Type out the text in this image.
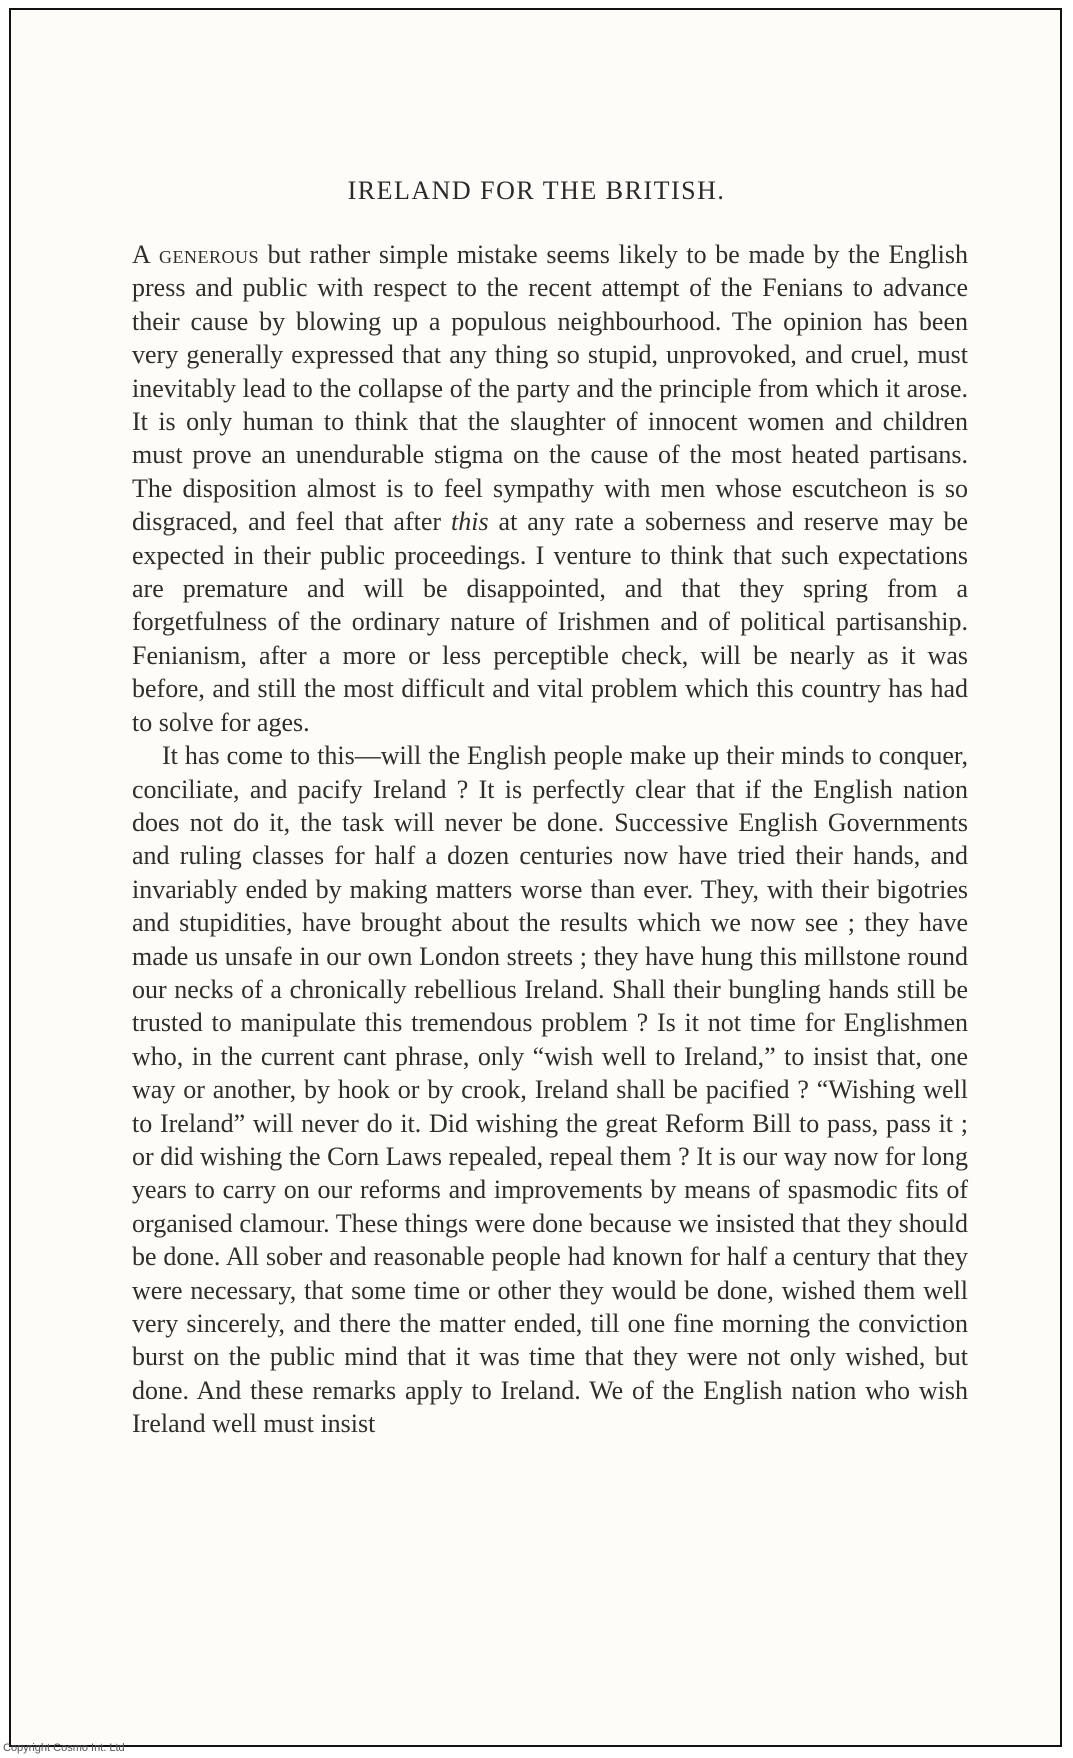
IRELAND FOR THE BRITISH.

A generous but rather simple mistake seems likely to be made by the English press and public with respect to the recent attempt of the Fenians to advance their cause by blowing up a populous neighbourhood. The opinion has been very generally expressed that any thing so stupid, unprovoked, and cruel, must inevitably lead to the collapse of the party and the principle from which it arose. It is only human to think that the slaughter of innocent women and children must prove an unendurable stigma on the cause of the most heated partisans. The disposition almost is to feel sympathy with men whose escutcheon is so disgraced, and feel that after this at any rate a soberness and reserve may be expected in their public proceedings. I venture to think that such expectations are premature and will be disappointed, and that they spring from a forgetfulness of the ordinary nature of Irishmen and of political partisanship. Fenianism, after a more or less perceptible check, will be nearly as it was before, and still the most difficult and vital problem which this country has had to solve for ages.

It has come to this—will the English people make up their minds to conquer, conciliate, and pacify Ireland ? It is perfectly clear that if the English nation does not do it, the task will never be done. Successive English Governments and ruling classes for half a dozen centuries now have tried their hands, and invariably ended by making matters worse than ever. They, with their bigotries and stupidities, have brought about the results which we now see ; they have made us unsafe in our own London streets ; they have hung this millstone round our necks of a chronically rebellious Ireland. Shall their bungling hands still be trusted to manipulate this tremendous problem ? Is it not time for Englishmen who, in the current cant phrase, only “wish well to Ireland,” to insist that, one way or another, by hook or by crook, Ireland shall be pacified ? “Wishing well to Ireland” will never do it. Did wishing the great Reform Bill to pass, pass it ; or did wishing the Corn Laws repealed, repeal them ? It is our way now for long years to carry on our reforms and improvements by means of spasmodic fits of organised clamour. These things were done because we insisted that they should be done. All sober and reasonable people had known for half a century that they were necessary, that some time or other they would be done, wished them well very sincerely, and there the matter ended, till one fine morning the conviction burst on the public mind that it was time that they were not only wished, but done. And these remarks apply to Ireland. We of the English nation who wish Ireland well must insist

Copyright Cosmo Int. Ltd
